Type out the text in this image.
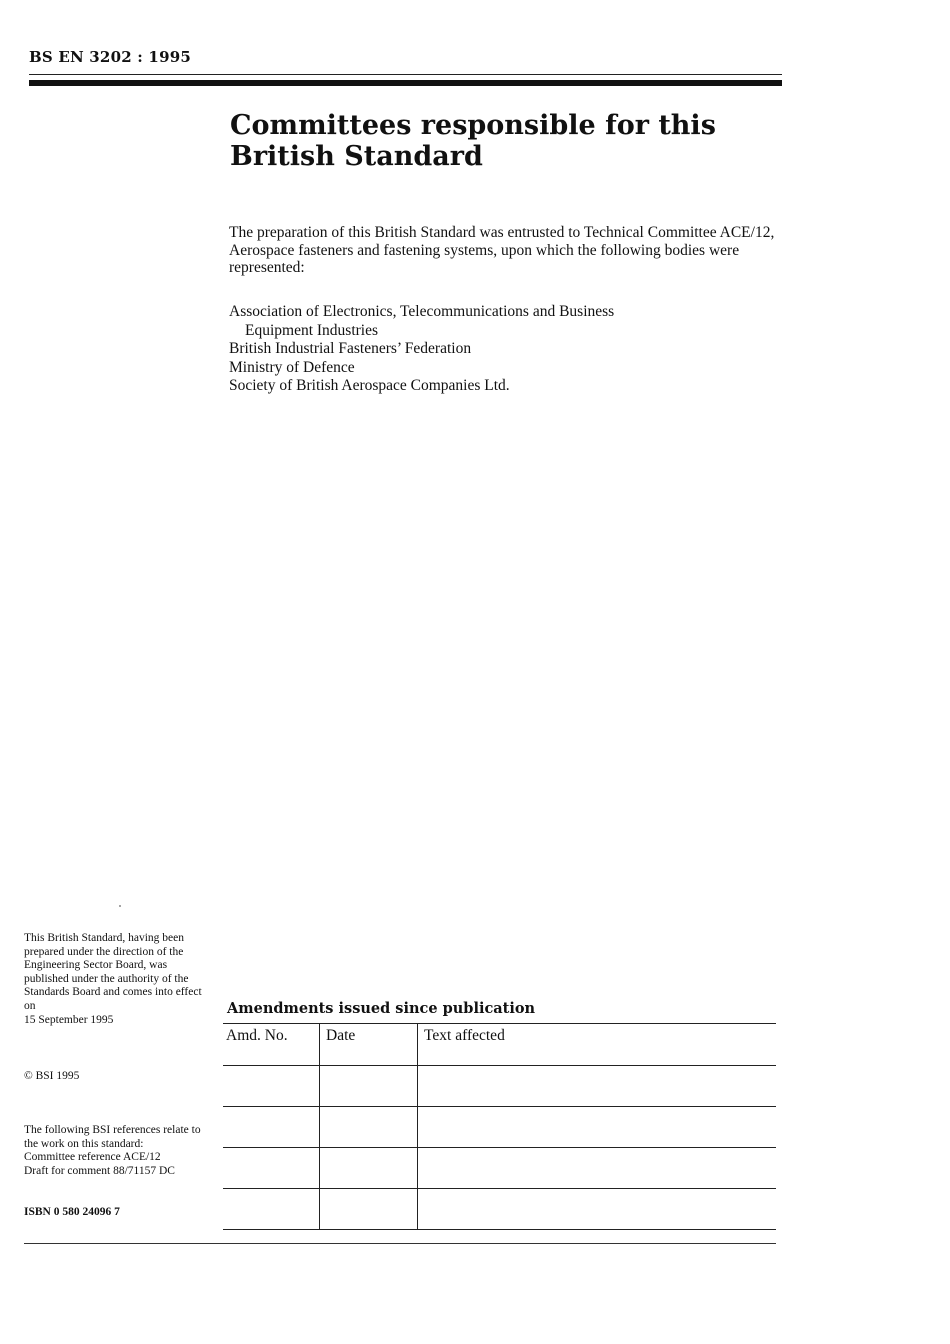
BS EN 3202 : 1995
Committees responsible for this
British Standard
The preparation of this British Standard was entrusted to Technical Committee ACE/12, Aerospace fasteners and fastening systems, upon which the following bodies were represented:
Association of Electronics, Telecommunications and Business
Equipment Industries
British Industrial Fasteners’ Federation
Ministry of Defence
Society of British Aerospace Companies Ltd.
This British Standard, having been prepared under the direction of the Engineering Sector Board, was published under the authority of the Standards Board and comes into effect on
15 September 1995
© BSI 1995
The following BSI references relate to the work on this standard:
Committee reference ACE/12
Draft for comment 88/71157 DC
ISBN 0 580 24096 7
Amendments issued since publication
Amd. No.	Date	Text affected
